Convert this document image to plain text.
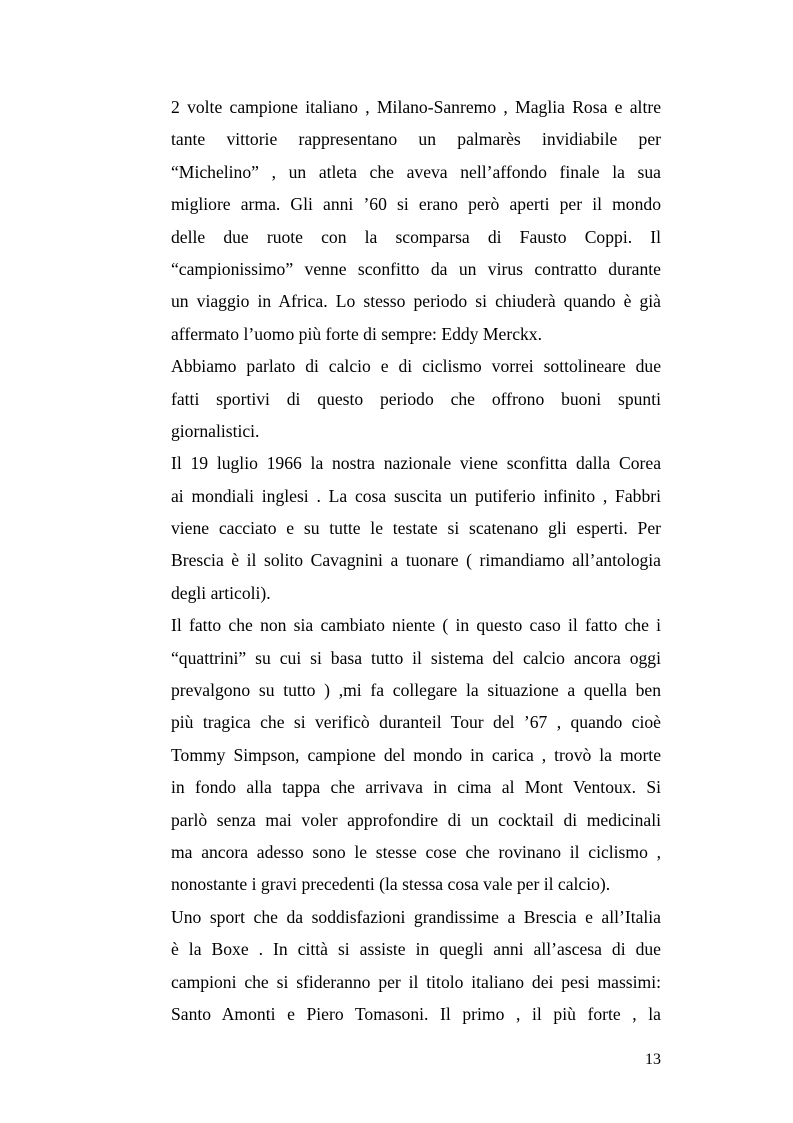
2 volte campione italiano , Milano-Sanremo , Maglia Rosa e altre
tante vittorie rappresentano un palmarès invidiabile per
“Michelino” , un atleta che aveva nell’affondo finale la sua
migliore arma. Gli anni ’60 si erano però aperti per il mondo
delle due ruote con la scomparsa di Fausto Coppi. Il
“campionissimo” venne sconfitto da un virus contratto durante
un viaggio in Africa. Lo stesso periodo si chiuderà quando è già
affermato l’uomo più forte di sempre: Eddy Merckx.
Abbiamo parlato di calcio e di ciclismo vorrei sottolineare due
fatti sportivi di questo periodo che offrono buoni spunti
giornalistici.
Il 19 luglio 1966 la nostra nazionale viene sconfitta dalla Corea
ai mondiali inglesi . La cosa suscita un putiferio infinito , Fabbri
viene cacciato e su tutte le testate si scatenano gli esperti. Per
Brescia è il solito Cavagnini a tuonare ( rimandiamo all’antologia
degli articoli).
Il fatto che non sia cambiato niente ( in questo caso il fatto che i
“quattrini” su cui si basa tutto il sistema del calcio ancora oggi
prevalgono su tutto ) ,mi fa collegare la situazione a quella ben
più tragica che si verificò duranteil Tour del ’67 , quando cioè
Tommy Simpson, campione del mondo in carica , trovò la morte
in fondo alla tappa che arrivava in cima al Mont Ventoux. Si
parlò senza mai voler approfondire di un cocktail di medicinali
ma ancora adesso sono le stesse cose che rovinano il ciclismo ,
nonostante i gravi precedenti (la stessa cosa vale per il calcio).
Uno sport che da soddisfazioni grandissime a Brescia e all’Italia
è la Boxe . In città si assiste in quegli anni all’ascesa di due
campioni che si sfideranno per il titolo italiano dei pesi massimi:
Santo Amonti e Piero Tomasoni. Il primo , il più forte , la
13
